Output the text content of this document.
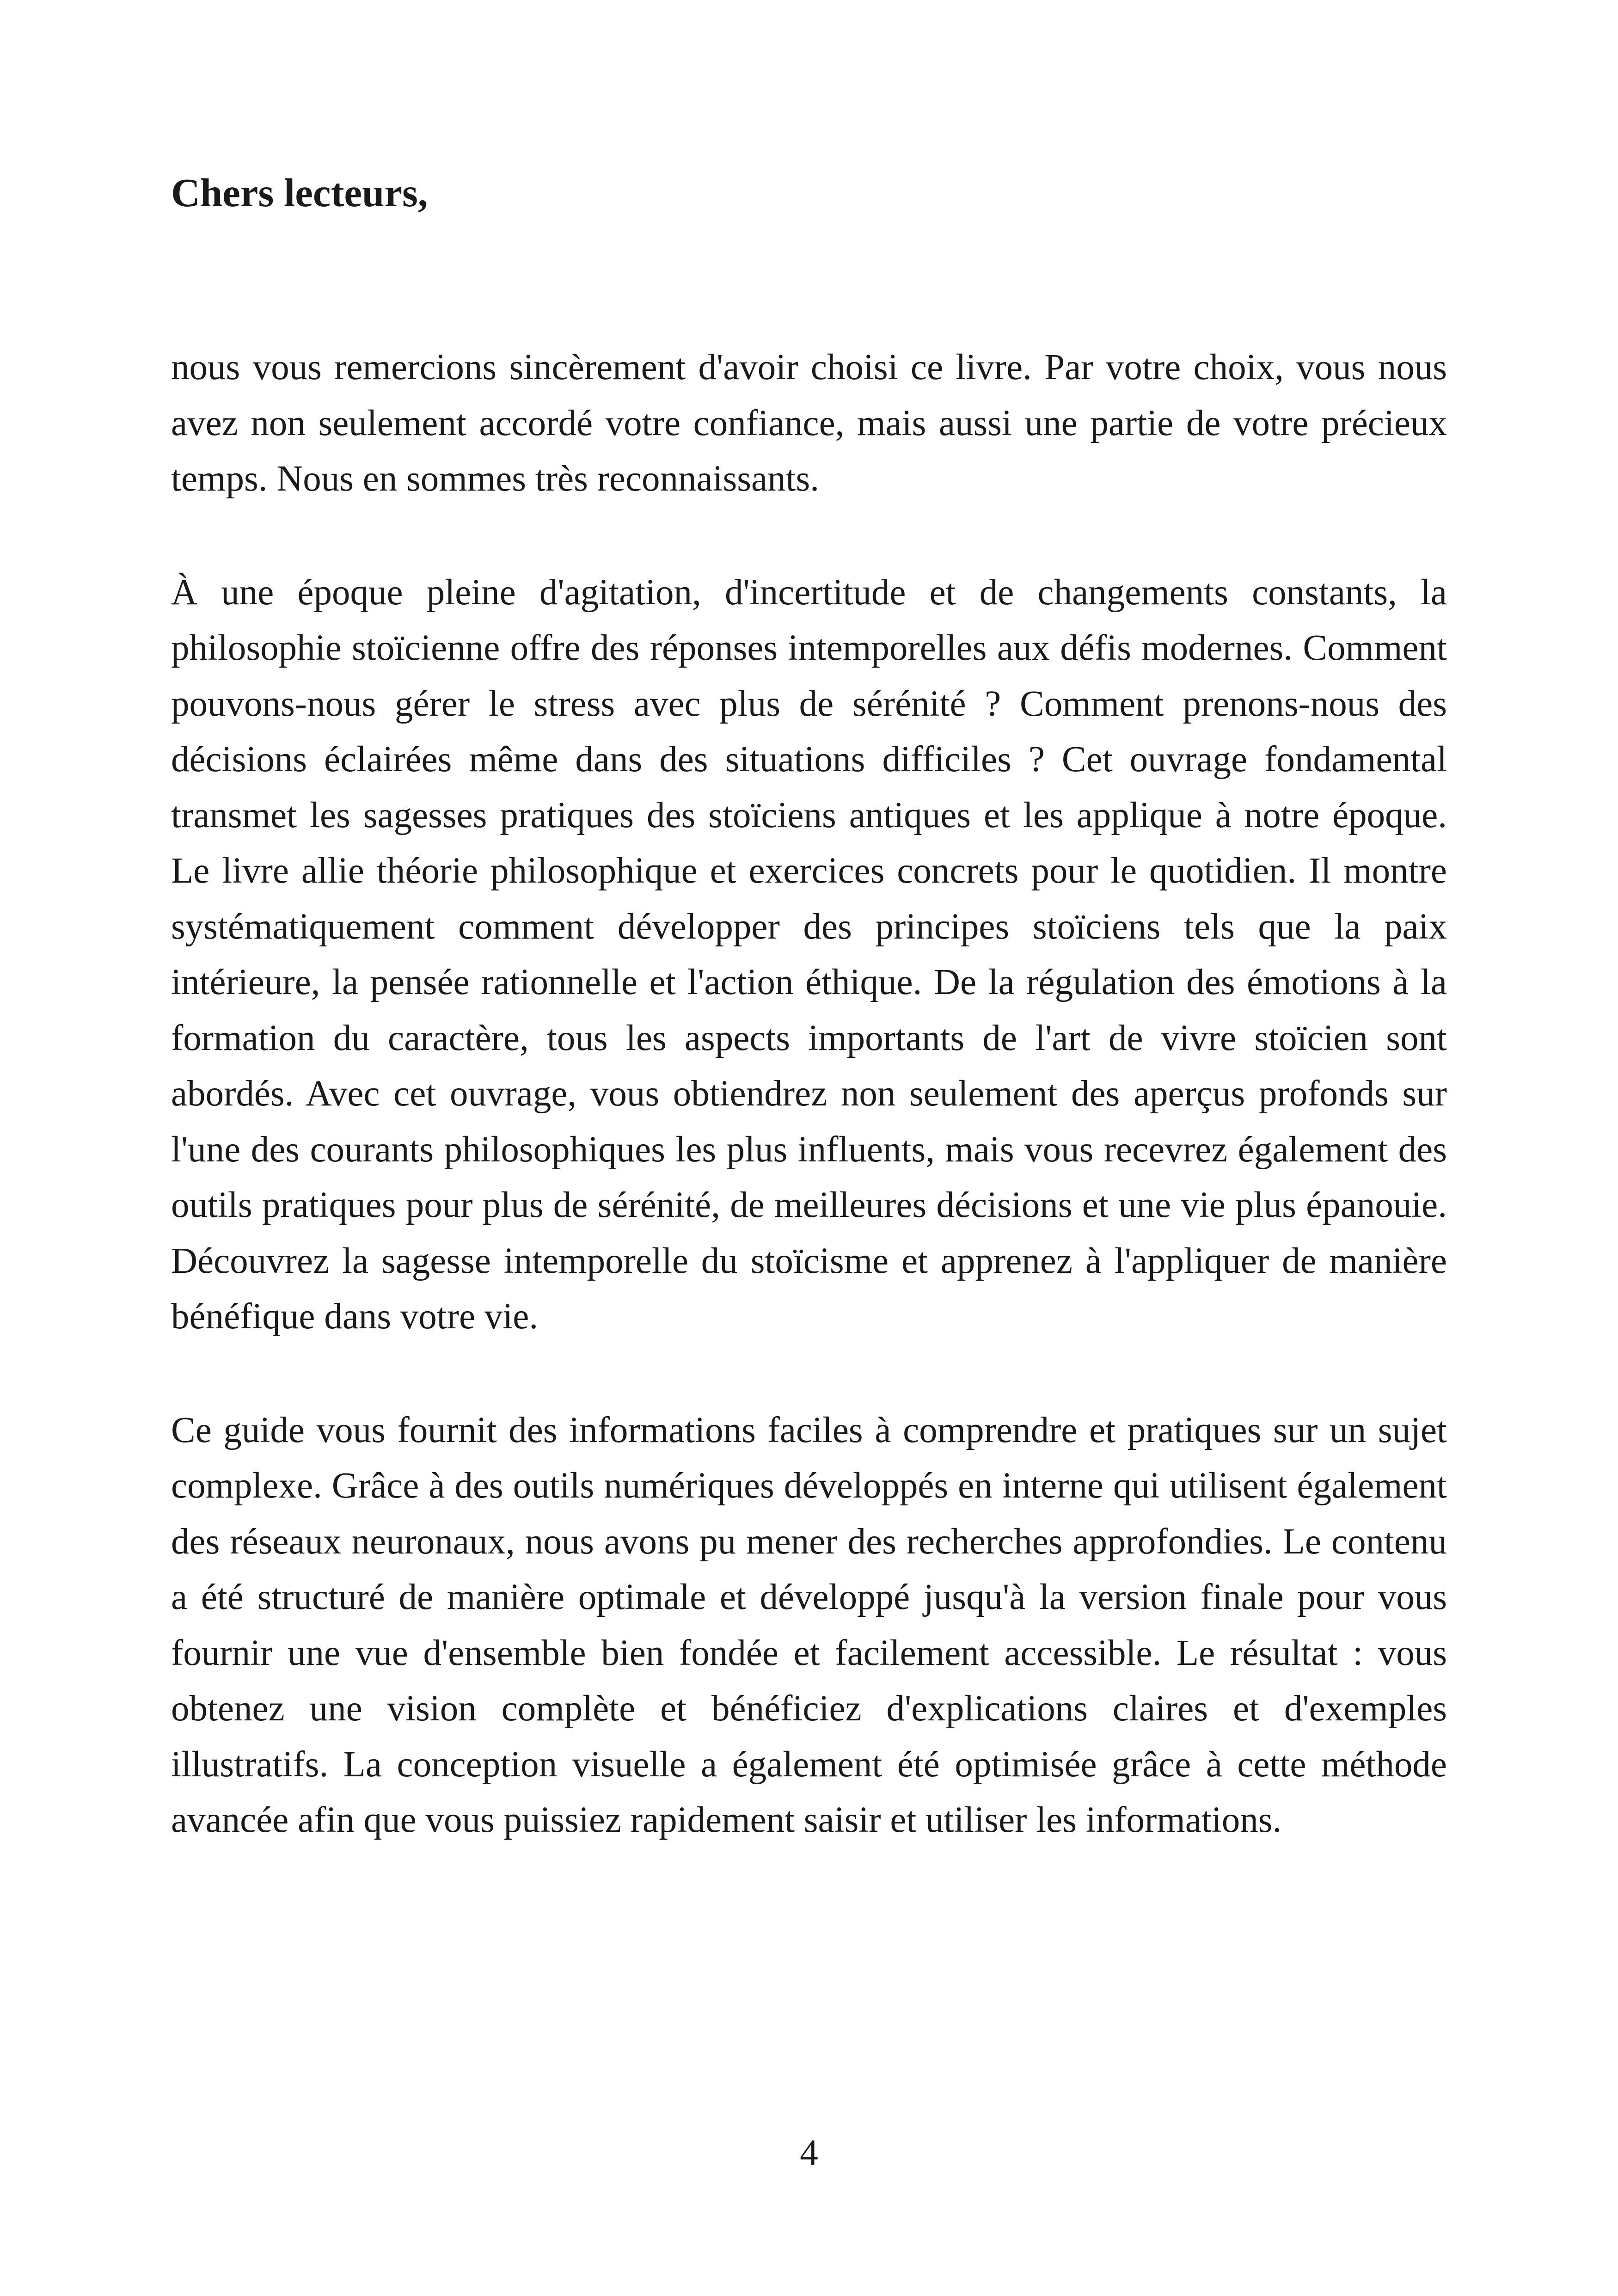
Chers lecteurs,

nous vous remercions sincèrement d'avoir choisi ce livre. Par votre choix, vous nous avez non seulement accordé votre confiance, mais aussi une partie de votre précieux temps. Nous en sommes très reconnaissants.

À une époque pleine d'agitation, d'incertitude et de changements constants, la philosophie stoïcienne offre des réponses intemporelles aux défis modernes. Comment pouvons-nous gérer le stress avec plus de sérénité ? Comment prenons-nous des décisions éclairées même dans des situations difficiles ? Cet ouvrage fondamental transmet les sagesses pratiques des stoïciens antiques et les applique à notre époque. Le livre allie théorie philosophique et exercices concrets pour le quotidien. Il montre systématiquement comment développer des principes stoïciens tels que la paix intérieure, la pensée rationnelle et l'action éthique. De la régulation des émotions à la formation du caractère, tous les aspects importants de l'art de vivre stoïcien sont abordés. Avec cet ouvrage, vous obtiendrez non seulement des aperçus profonds sur l'une des courants philosophiques les plus influents, mais vous recevrez également des outils pratiques pour plus de sérénité, de meilleures décisions et une vie plus épanouie. Découvrez la sagesse intemporelle du stoïcisme et apprenez à l'appliquer de manière bénéfique dans votre vie.

Ce guide vous fournit des informations faciles à comprendre et pratiques sur un sujet complexe. Grâce à des outils numériques développés en interne qui utilisent également des réseaux neuronaux, nous avons pu mener des recherches approfondies. Le contenu a été structuré de manière optimale et développé jusqu'à la version finale pour vous fournir une vue d'ensemble bien fondée et facilement accessible. Le résultat : vous obtenez une vision complète et bénéficiez d'explications claires et d'exemples illustratifs. La conception visuelle a également été optimisée grâce à cette méthode avancée afin que vous puissiez rapidement saisir et utiliser les informations.

4
